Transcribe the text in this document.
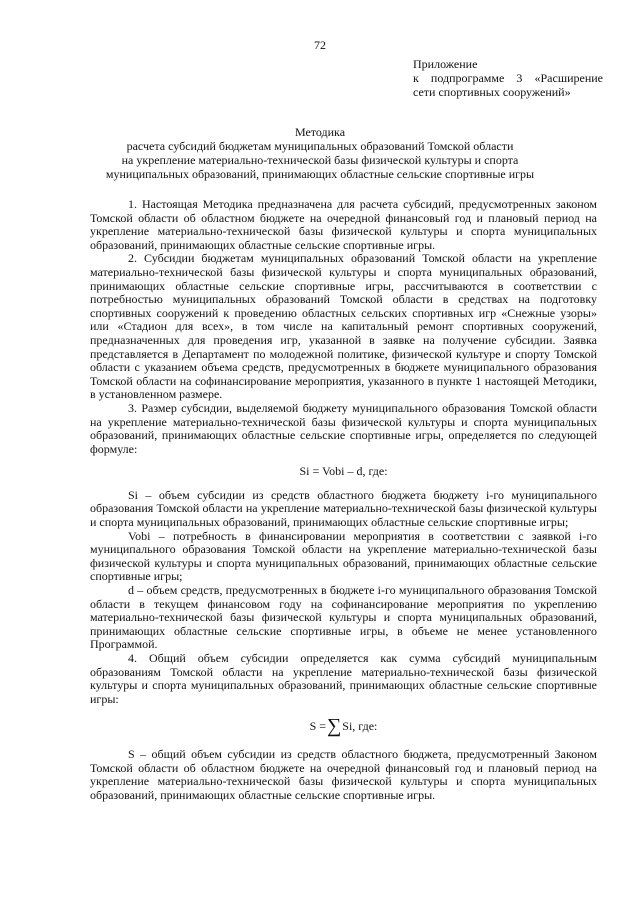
72
Приложение
к подпрограмме 3 «Расширение
сети спортивных сооружений»
Методика
расчета субсидий бюджетам муниципальных образований Томской области
на укрепление материально-технической базы физической культуры и спорта
муниципальных образований, принимающих областные сельские спортивные игры

1. Настоящая Методика предназначена для расчета субсидий, предусмотренных законом Томской области об областном бюджете на очередной финансовый год и плановый период на укрепление материально-технической базы физической культуры и спорта муниципальных образований, принимающих областные сельские спортивные игры.

2. Субсидии бюджетам муниципальных образований Томской области на укрепление материально-технической базы физической культуры и спорта муниципальных образований, принимающих областные сельские спортивные игры, рассчитываются в соответствии с потребностью муниципальных образований Томской области в средствах на подготовку спортивных сооружений к проведению областных сельских спортивных игр «Снежные узоры» или «Стадион для всех», в том числе на капитальный ремонт спортивных сооружений, предназначенных для проведения игр, указанной в заявке на получение субсидии. Заявка представляется в Департамент по молодежной политике, физической культуре и спорту Томской области с указанием объема средств, предусмотренных в бюджете муниципального образования Томской области на софинансирование мероприятия, указанного в пункте 1 настоящей Методики, в установленном размере.

3. Размер субсидии, выделяемой бюджету муниципального образования Томской области на укрепление материально-технической базы физической культуры и спорта муниципальных образований, принимающих областные сельские спортивные игры, определяется по следующей формуле:

Si = Vobi – d, где:

Si – объем субсидии из средств областного бюджета бюджету i-го муниципального образования Томской области на укрепление материально-технической базы физической культуры и спорта муниципальных образований, принимающих областные сельские спортивные игры;

Vobi – потребность в финансировании мероприятия в соответствии с заявкой i-го муниципального образования Томской области на укрепление материально-технической базы физической культуры и спорта муниципальных образований, принимающих областные сельские спортивные игры;

d – объем средств, предусмотренных в бюджете i-го муниципального образования Томской области в текущем финансовом году на софинансирование мероприятия по укреплению материально-технической базы физической культуры и спорта муниципальных образований, принимающих областные сельские спортивные игры, в объеме не менее установленного Программой.

4. Общий объем субсидии определяется как сумма субсидий муниципальным образованиям Томской области на укрепление материально-технической базы физической культуры и спорта муниципальных образований, принимающих областные сельские спортивные игры:

S =∑Si, где:

S – общий объем субсидии из средств областного бюджета, предусмотренный Законом Томской области об областном бюджете на очередной финансовый год и плановый период на укрепление материально-технической базы физической культуры и спорта муниципальных образований, принимающих областные сельские спортивные игры.
